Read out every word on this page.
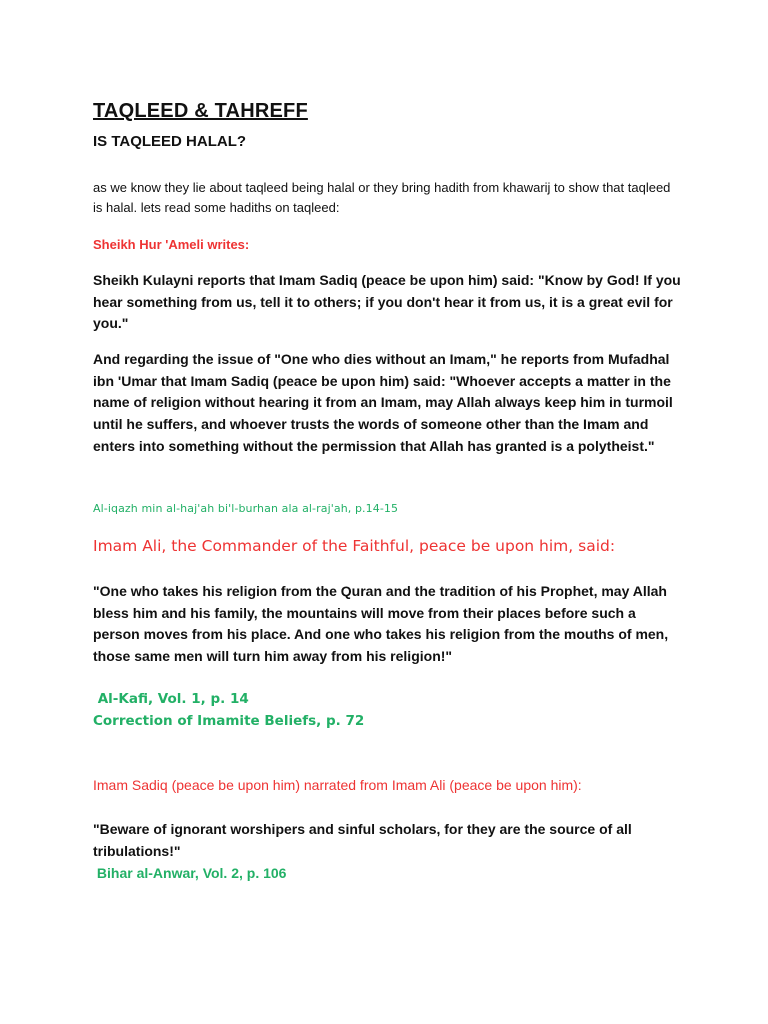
TAQLEED & TAHREFF
IS TAQLEED HALAL?
as we know they lie about taqleed being halal or they bring hadith from khawarij to show that taqleed is halal. lets read some hadiths on taqleed:
Sheikh Hur 'Ameli writes:
Sheikh Kulayni reports that Imam Sadiq (peace be upon him) said: "Know by God! If you hear something from us, tell it to others; if you don't hear it from us, it is a great evil for you."
And regarding the issue of "One who dies without an Imam," he reports from Mufadhal ibn 'Umar that Imam Sadiq (peace be upon him) said: "Whoever accepts a matter in the name of religion without hearing it from an Imam, may Allah always keep him in turmoil until he suffers, and whoever trusts the words of someone other than the Imam and enters into something without the permission that Allah has granted is a polytheist."
Al-iqazh min al-haj'ah bi'l-burhan ala al-raj'ah, p.14-15
Imam Ali, the Commander of the Faithful, peace be upon him, said:
"One who takes his religion from the Quran and the tradition of his Prophet, may Allah bless him and his family, the mountains will move from their places before such a person moves from his place. And one who takes his religion from the mouths of men, those same men will turn him away from his religion!"
Al-Kafi, Vol. 1, p. 14
Correction of Imamite Beliefs, p. 72
Imam Sadiq (peace be upon him) narrated from Imam Ali (peace be upon him):
"Beware of ignorant worshipers and sinful scholars, for they are the source of all tribulations!"
Bihar al-Anwar, Vol. 2, p. 106
